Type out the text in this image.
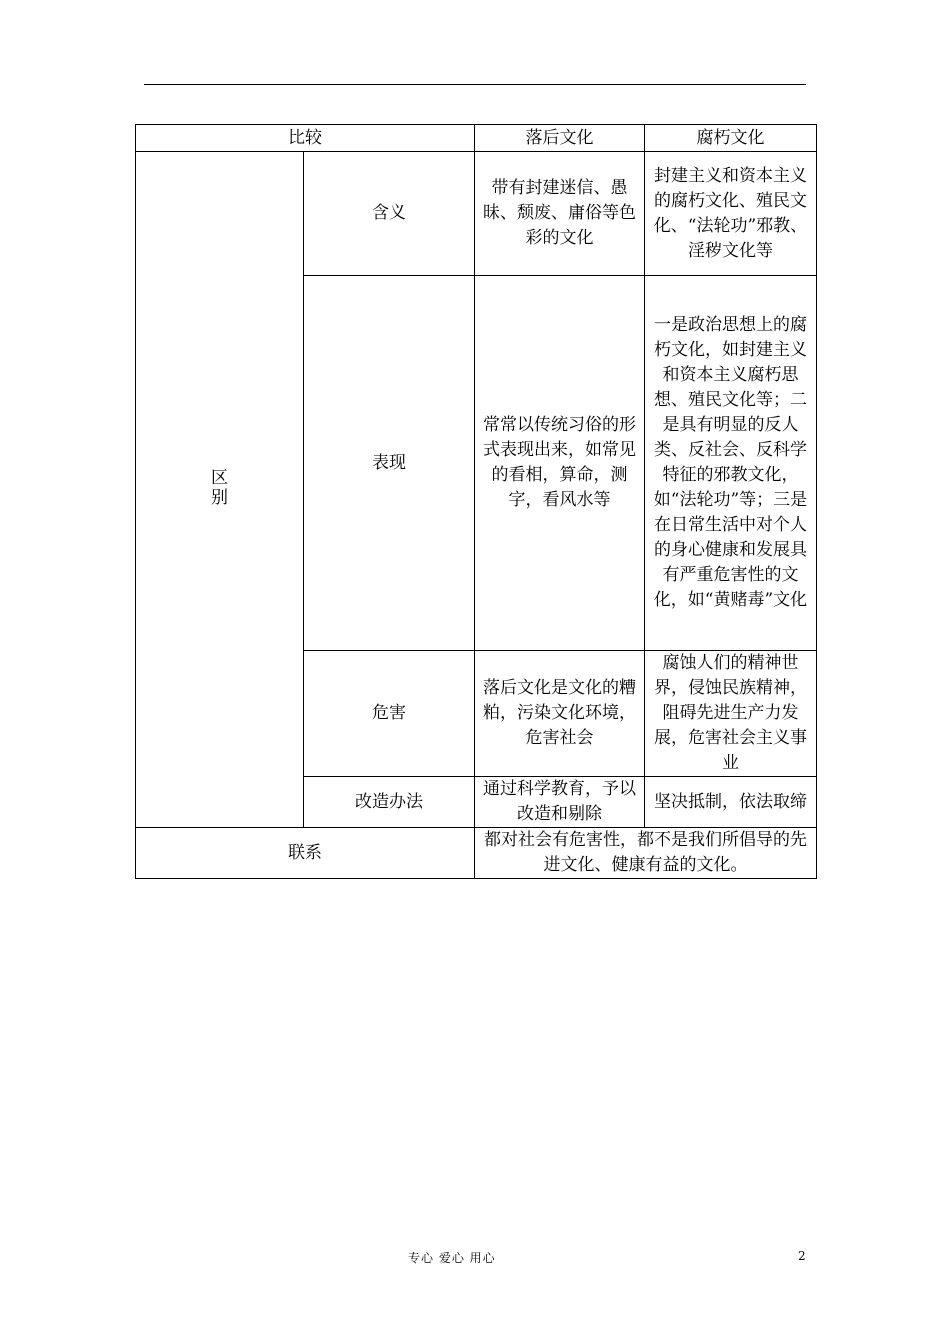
比较		落后文化	腐朽文化
区别	含义	带有封建迷信、愚昧、颓废、庸俗等色彩的文化	封建主义和资本主义的腐朽文化、殖民文化、“法轮功”邪教、淫秽文化等
	表现	常常以传统习俗的形式表现出来，如常见的看相，算命，测字，看风水等	一是政治思想上的腐朽文化，如封建主义和资本主义腐朽思想、殖民文化等；二是具有明显的反人类、反社会、反科学特征的邪教文化，如“法轮功”等；三是在日常生活中对个人的身心健康和发展具有严重危害性的文化，如“黄赌毒”文化
	危害	落后文化是文化的糟粕，污染文化环境，危害社会	腐蚀人们的精神世界，侵蚀民族精神，阻碍先进生产力发展，危害社会主义事业
	改造办法	通过科学教育，予以改造和剔除	坚决抵制，依法取缔
联系		都对社会有危害性，都不是我们所倡导的先进文化、健康有益的文化。	
专心 爱心 用心	2
